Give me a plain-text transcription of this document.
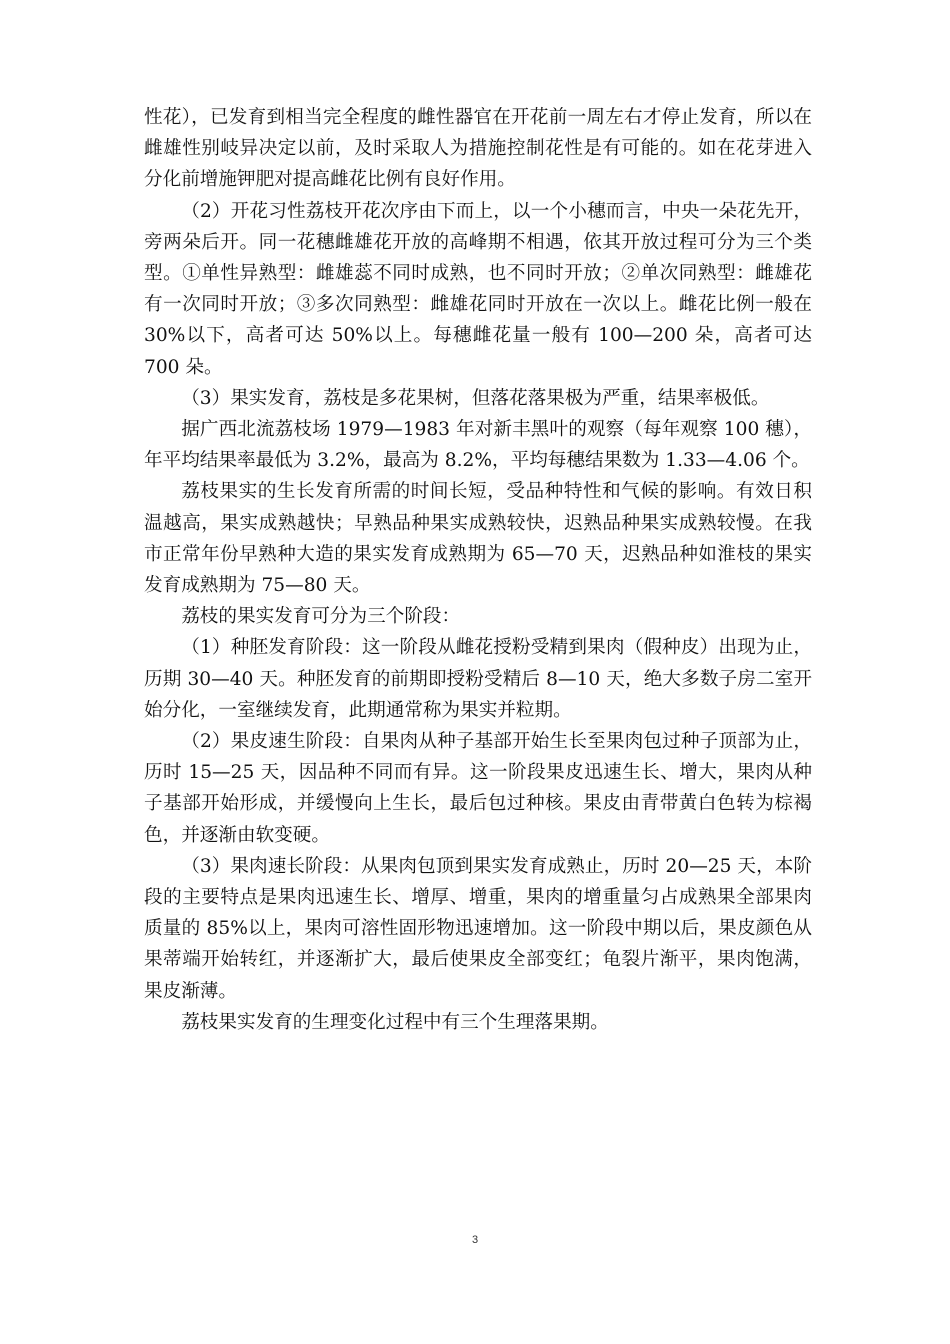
性花），已发育到相当完全程度的雌性器官在开花前一周左右才停止发育，所以在雌雄性别岐异决定以前，及时采取人为措施控制花性是有可能的。如在花芽进入分化前增施钾肥对提高雌花比例有良好作用。

（2）开花习性荔枝开花次序由下而上，以一个小穗而言，中央一朵花先开，旁两朵后开。同一花穗雌雄花开放的高峰期不相遇，依其开放过程可分为三个类型。①单性异熟型：雌雄蕊不同时成熟，也不同时开放；②单次同熟型：雌雄花有一次同时开放；③多次同熟型：雌雄花同时开放在一次以上。雌花比例一般在30%以下，高者可达 50%以上。每穗雌花量一般有 100—200 朵，高者可达 700 朵。

（3）果实发育，荔枝是多花果树，但落花落果极为严重，结果率极低。

据广西北流荔枝场 1979—1983 年对新丰黑叶的观察（每年观察 100 穗），年平均结果率最低为 3.2%，最高为 8.2%，平均每穗结果数为 1.33—4.06 个。

荔枝果实的生长发育所需的时间长短，受品种特性和气候的影响。有效日积温越高，果实成熟越快；早熟品种果实成熟较快，迟熟品种果实成熟较慢。在我市正常年份早熟种大造的果实发育成熟期为 65—70 天，迟熟品种如淮枝的果实发育成熟期为 75—80 天。

荔枝的果实发育可分为三个阶段：

（1）种胚发育阶段：这一阶段从雌花授粉受精到果肉（假种皮）出现为止，历期 30—40 天。种胚发育的前期即授粉受精后 8—10 天，绝大多数子房二室开始分化，一室继续发育，此期通常称为果实并粒期。

（2）果皮速生阶段：自果肉从种子基部开始生长至果肉包过种子顶部为止，历时 15—25 天，因品种不同而有异。这一阶段果皮迅速生长、增大，果肉从种子基部开始形成，并缓慢向上生长，最后包过种核。果皮由青带黄白色转为棕褐色，并逐渐由软变硬。

（3）果肉速长阶段：从果肉包顶到果实发育成熟止，历时 20—25 天，本阶段的主要特点是果肉迅速生长、增厚、增重，果肉的增重量匀占成熟果全部果肉质量的 85%以上，果肉可溶性固形物迅速增加。这一阶段中期以后，果皮颜色从果蒂端开始转红，并逐渐扩大，最后使果皮全部变红；龟裂片渐平，果肉饱满，果皮渐薄。

荔枝果实发育的生理变化过程中有三个生理落果期。

3
